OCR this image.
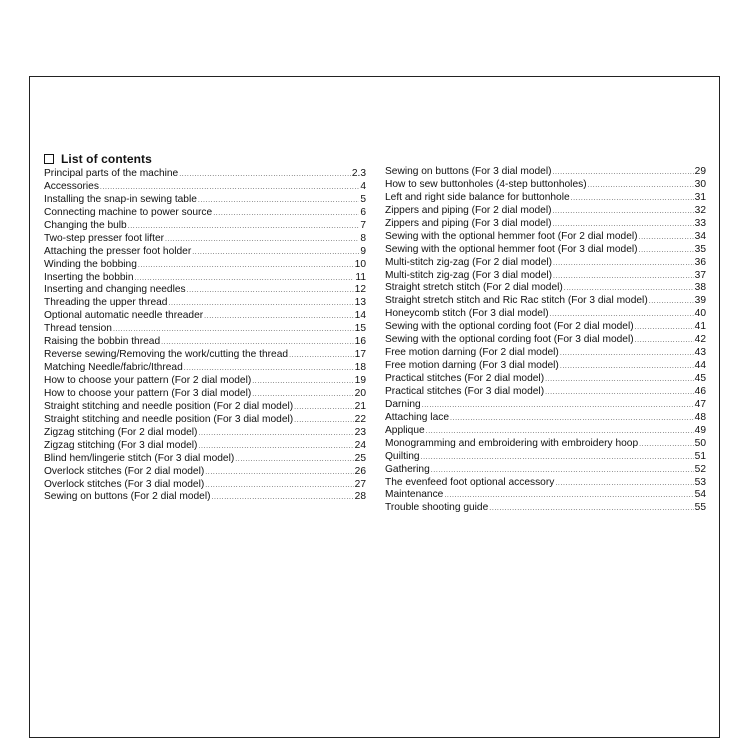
List of contents
Principal parts of the machine .....	2.3
Accessories .....	4
Installing the snap-in sewing table .....	5
Connecting machine to power source .....	6
Changing the bulb .....	7
Two-step presser foot lifter .....	8
Attaching the presser foot holder .....	9
Winding the bobbing .....	10
Inserting the bobbin .....	11
Inserting and changing needles .....	12
Threading the upper thread .....	13
Optional automatic needle threader .....	14
Thread tension .....	15
Raising the bobbin thread .....	16
Reverse sewing/Removing the work/cutting the thread .....	17
Matching Needle/fabric/Ithread .....	18
How to choose your pattern (For 2 dial model) .....	19
How to choose your pattern (For 3 dial model) .....	20
Straight stitching and needle position (For 2 dial model) .....	21
Straight stitching and needle position (For 3 dial model) .....	22
Zigzag stitching (For 2 dial model) .....	23
Zigzag stitching (For 3 dial model) .....	24
Blind hem/lingerie stitch (For 3 dial model) .....	25
Overlock stitches (For 2 dial model) .....	26
Overlock stitches (For 3 dial model) .....	27
Sewing on buttons (For 2 dial model) .....	28
Sewing on buttons (For 3 dial model) .....	29
How to sew buttonholes (4-step buttonholes) .....	30
Left and right side balance for buttonhole .....	31
Zippers and piping (For 2 dial model) .....	32
Zippers and piping (For 3 dial model) .....	33
Sewing with the optional hemmer foot (For 2 dial model) .....	34
Sewing with the optional hemmer foot (For 3 dial model) .....	35
Multi-stitch zig-zag (For 2 dial model) .....	36
Multi-stitch zig-zag (For 3 dial model) .....	37
Straight stretch stitch (For 2 dial model) .....	38
Straight stretch stitch and Ric Rac stitch (For 3 dial model) .....	39
Honeycomb stitch (For 3 dial model) .....	40
Sewing with the optional cording foot (For 2 dial model) .....	41
Sewing with the optional cording foot (For 3 dial model) .....	42
Free motion darning (For 2 dial model) .....	43
Free motion darning (For 3 dial model) .....	44
Practical stitches (For 2 dial model) .....	45
Practical stitches (For 3 dial model) .....	46
Darning .....	47
Attaching lace .....	48
Applique .....	49
Monogramming and embroidering with embroidery hoop .....	50
Quilting .....	51
Gathering .....	52
The evenfeed foot optional accessory .....	53
Maintenance .....	54
Trouble shooting guide .....	55
